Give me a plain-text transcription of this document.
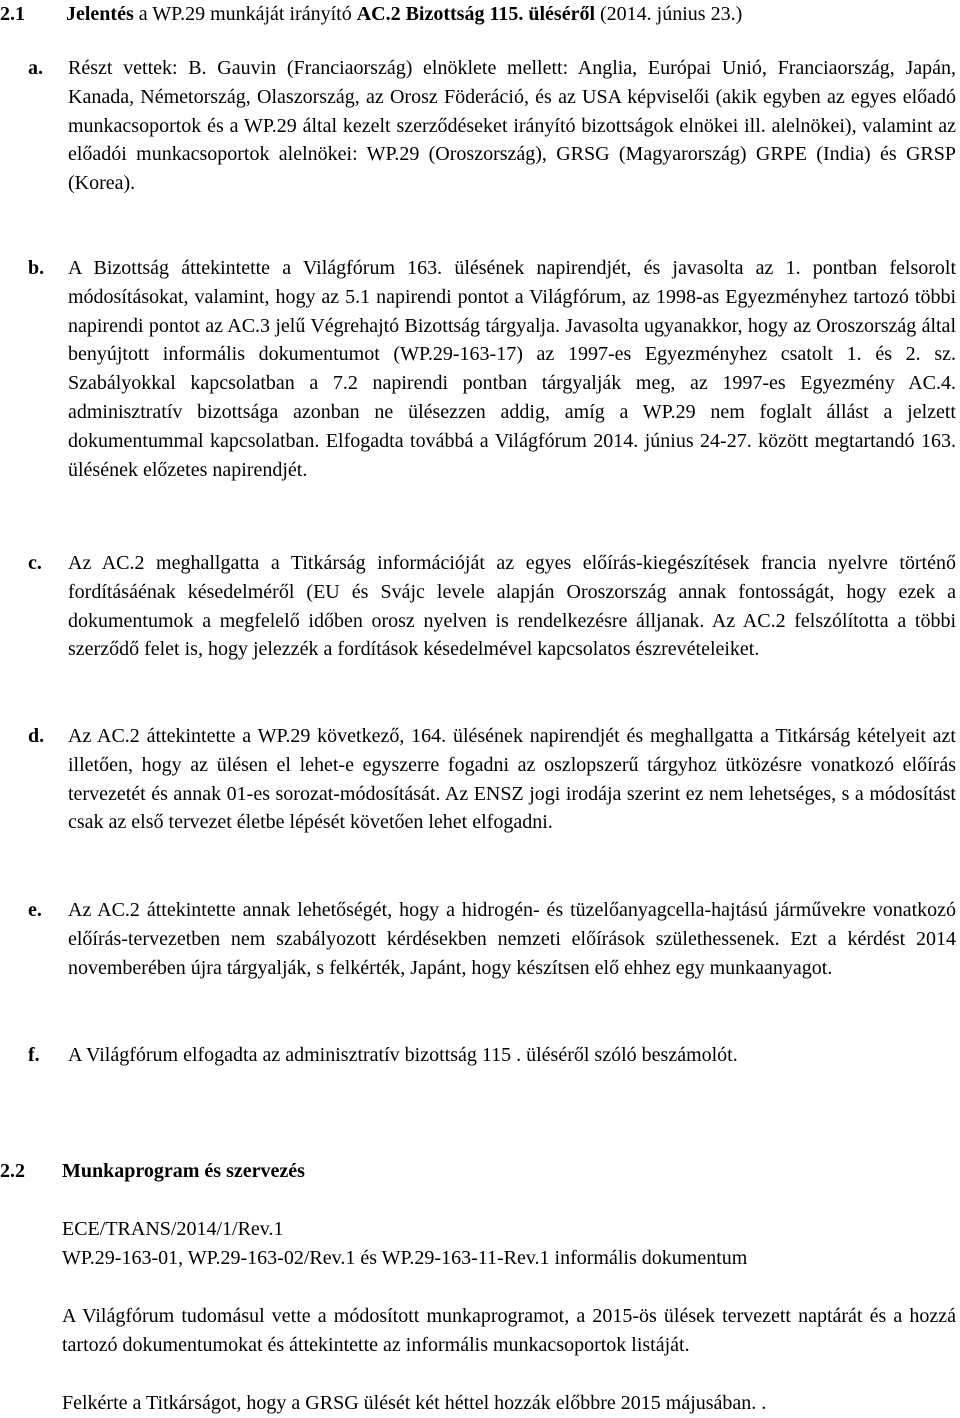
2.1 Jelentés a WP.29 munkáját irányító AC.2 Bizottság 115. üléséről (2014. június 23.)
a. Részt vettek: B. Gauvin (Franciaország) elnöklete mellett: Anglia, Európai Unió, Franciaország, Japán, Kanada, Németország, Olaszország, az Orosz Föderáció, és az USA képviselői (akik egyben az egyes előadó munkacsoportok és a WP.29 által kezelt szerződéseket irányító bizottságok elnökei ill. alelnökei), valamint az előadói munkacsoportok alelnökei: WP.29 (Oroszország), GRSG (Magyarország) GRPE (India) és GRSP (Korea).

b. A Bizottság áttekintette a Világfórum 163. ülésének napirendjét, és javasolta az 1. pontban felsorolt módosításokat, valamint, hogy az 5.1 napirendi pontot a Világfórum, az 1998-as Egyezményhez tartozó többi napirendi pontot az AC.3 jelű Végrehajtó Bizottság tárgyalja. Javasolta ugyanakkor, hogy az Oroszország által benyújtott informális dokumentumot (WP.29-163-17) az 1997-es Egyezményhez csatolt 1. és 2. sz. Szabályokkal kapcsolatban a 7.2 napirendi pontban tárgyalják meg, az 1997-es Egyezmény AC.4. adminisztratív bizottsága azonban ne ülésezzen addig, amíg a WP.29 nem foglalt állást a jelzett dokumentummal kapcsolatban. Elfogadta továbbá a Világfórum 2014. június 24-27. között megtartandó 163. ülésének előzetes napirendjét.

c. Az AC.2 meghallgatta a Titkárság információját az egyes előírás-kiegészítések francia nyelvre történő fordításáénak késedelméről (EU és Svájc levele alapján Oroszország annak fontosságát, hogy ezek a dokumentumok a megfelelő időben orosz nyelven is rendelkezésre álljanak. Az AC.2 felszólította a többi szerződő felet is, hogy jelezzék a fordítások késedelmével kapcsolatos észrevételeiket.

d. Az AC.2 áttekintette a WP.29 következő, 164. ülésének napirendjét és meghallgatta a Titkárság kételyeit azt illetően, hogy az ülésen el lehet-e egyszerre fogadni az oszlopszerű tárgyhoz ütközésre vonatkozó előírás tervezetét és annak 01-es sorozat-módosítását. Az ENSZ jogi irodája szerint ez nem lehetséges, s a módosítást csak az első tervezet életbe lépését követően lehet elfogadni.

e. Az AC.2 áttekintette annak lehetőségét, hogy a hidrogén- és tüzelőanyagcella-hajtású járművekre vonatkozó előírás-tervezetben nem szabályozott kérdésekben nemzeti előírások születhessenek. Ezt a kérdést 2014 novemberében újra tárgyalják, s felkérték, Japánt, hogy készítsen elő ehhez egy munkaanyagot.

f. A Világfórum elfogadta az adminisztratív bizottság 115 . üléséről szóló beszámolót.

2.2 Munkaprogram és szervezés

ECE/TRANS/2014/1/Rev.1

WP.29-163-01, WP.29-163-02/Rev.1 és WP.29-163-11-Rev.1 informális dokumentum

A Világfórum tudomásul vette a módosított munkaprogramot, a 2015-ös ülések tervezett naptárát és a hozzá tartozó dokumentumokat és áttekintette az informális munkacsoportok listáját.

Felkérte a Titkárságot, hogy a GRSG ülését két héttel hozzák előbbre 2015 májusában. .
